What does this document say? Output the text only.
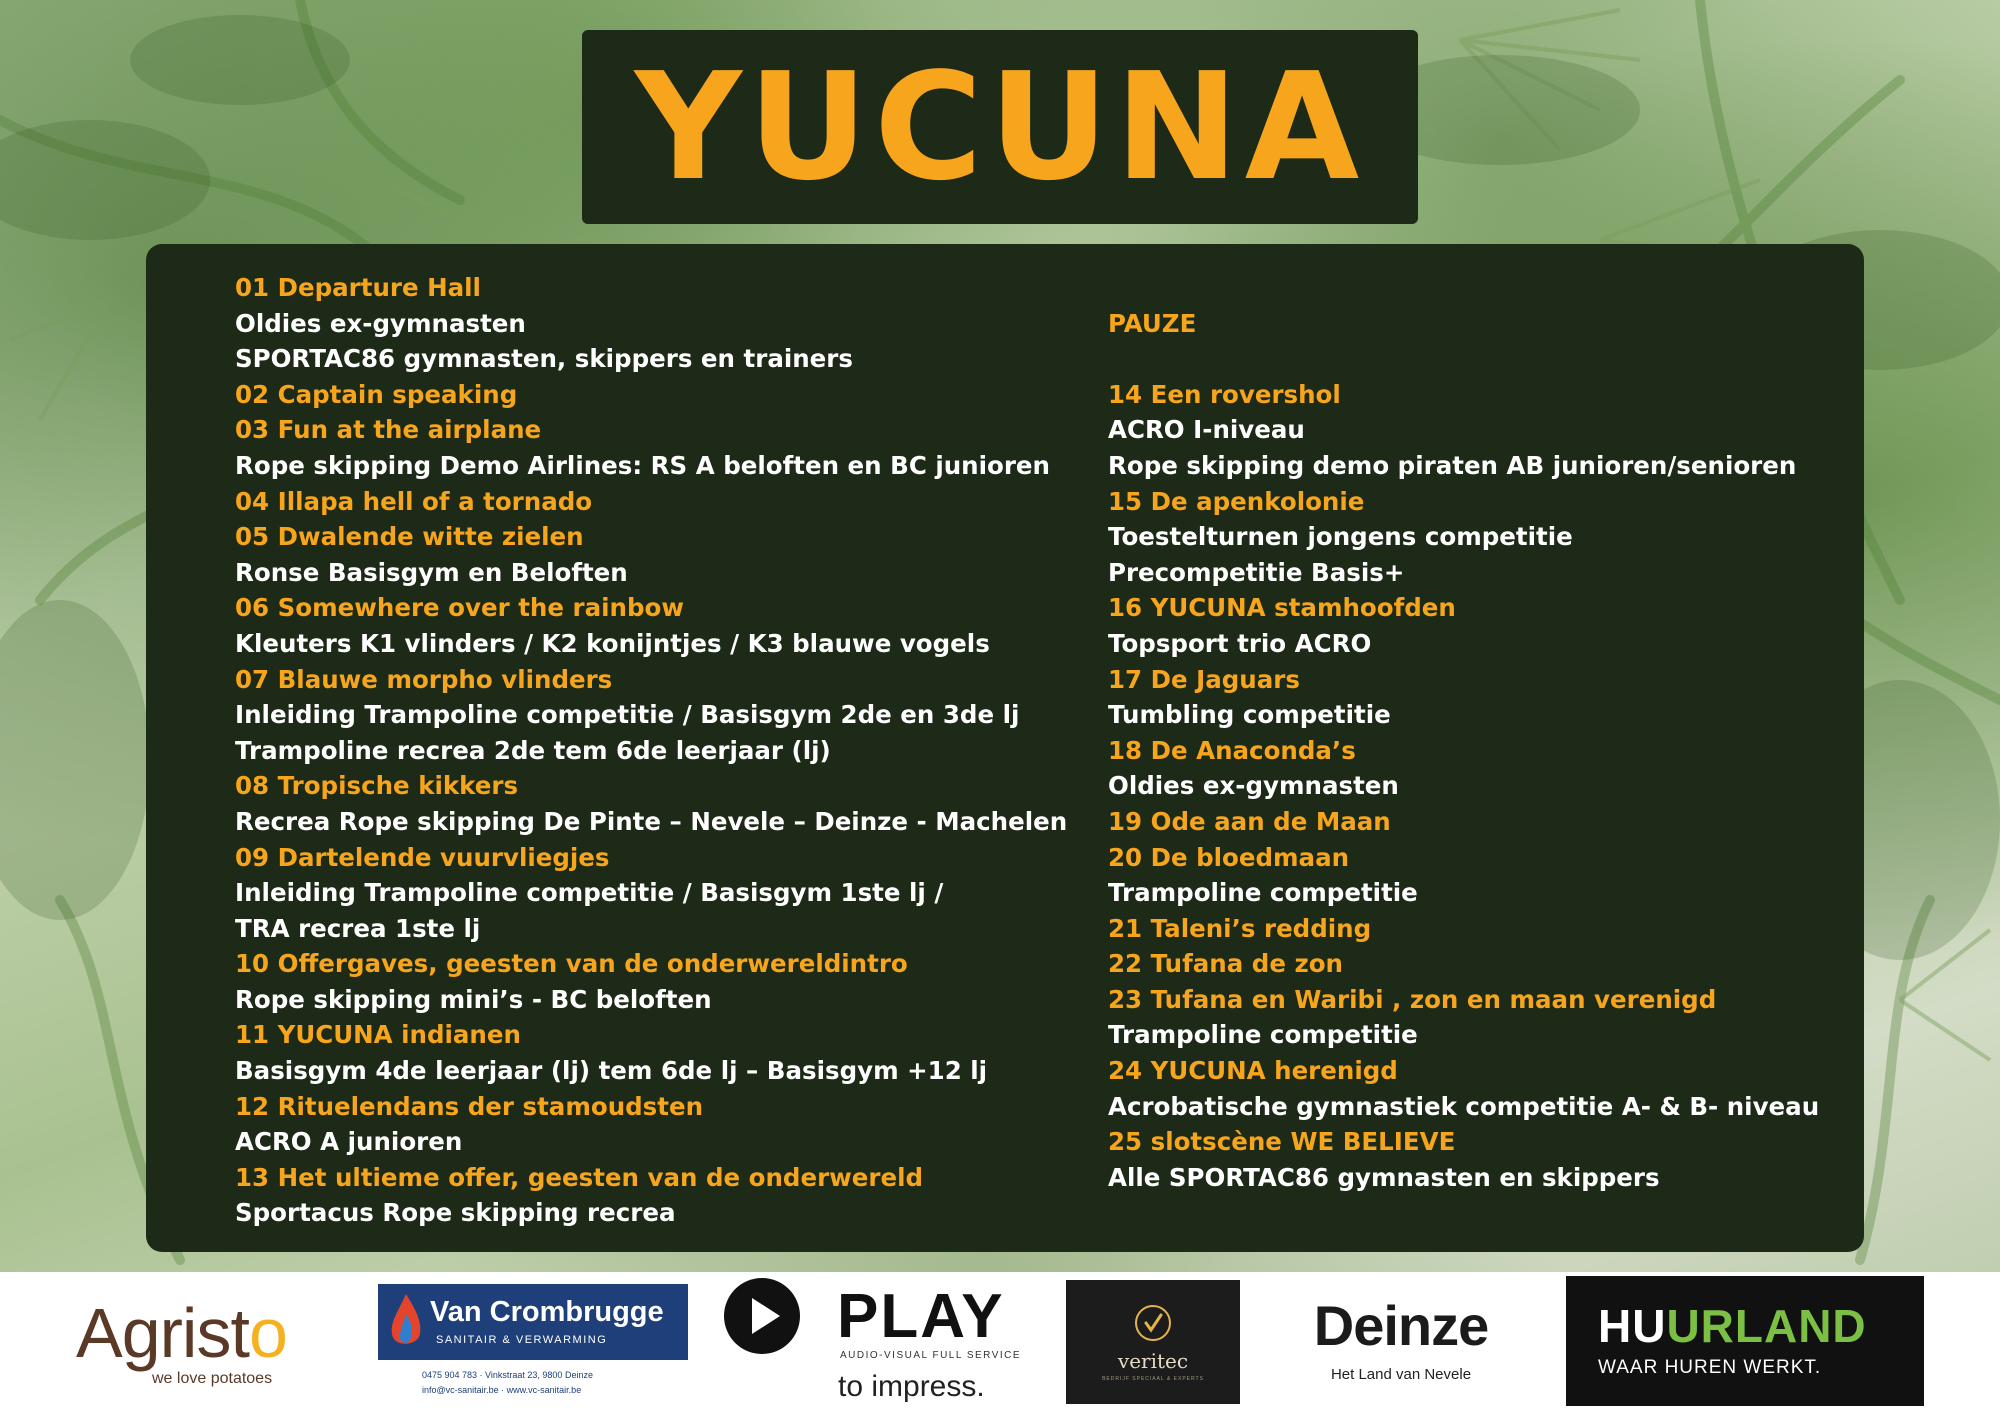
YUCUNA
01 Departure Hall
Oldies ex-gymnasten
SPORTAC86 gymnasten, skippers en trainers
02 Captain speaking
03 Fun at the airplane
Rope skipping Demo Airlines: RS A beloften en BC junioren
04 Illapa hell of a tornado
05 Dwalende witte zielen
Ronse Basisgym en Beloften
06 Somewhere over the rainbow
Kleuters K1 vlinders / K2 konijntjes / K3 blauwe vogels
07 Blauwe morpho vlinders
Inleiding Trampoline competitie / Basisgym 2de en 3de lj
Trampoline recrea 2de tem 6de leerjaar (lj)
08 Tropische kikkers
Recrea Rope skipping De Pinte – Nevele – Deinze - Machelen
09 Dartelende vuurvliegjes
Inleiding Trampoline competitie / Basisgym 1ste lj /
TRA recrea 1ste lj
10 Offergaves, geesten van de onderwereldintro
Rope skipping mini’s - BC beloften
11 YUCUNA indianen
Basisgym 4de leerjaar (lj) tem 6de lj – Basisgym +12 lj
12 Rituelendans der stamoudsten
ACRO A junioren
13 Het ultieme offer, geesten van de onderwereld
Sportacus Rope skipping recrea
PAUZE
14 Een rovershol
ACRO I-niveau
Rope skipping demo piraten AB junioren/senioren
15 De apenkolonie
Toestelturnen jongens competitie
Precompetitie Basis+
16 YUCUNA stamhoofden
Topsport trio ACRO
17 De Jaguars
Tumbling competitie
18 De Anaconda’s
Oldies ex-gymnasten
19 Ode aan de Maan
20 De bloedmaan
Trampoline competitie
21 Taleni’s redding
22 Tufana de zon
23 Tufana en Waribi , zon en maan verenigd
Trampoline competitie
24 YUCUNA herenigd
Acrobatische gymnastiek competitie A- & B- niveau
25 slotscène WE BELIEVE
Alle SPORTAC86 gymnasten en skippers
Agristo
we love potatoes
Van Crombrugge
SANITAIR & VERWARMING
0475 904 783 · Vinkstraat 23, 9800 Deinze
info@vc-sanitair.be · www.vc-sanitair.be
PLAY
AUDIO-VISUAL FULL SERVICE
to impress.
veritec
BEDRIJF SPECIAAL & EXPERTS
Deinze
Het Land van Nevele
HUURLAND
WAAR HUREN WERKT.
